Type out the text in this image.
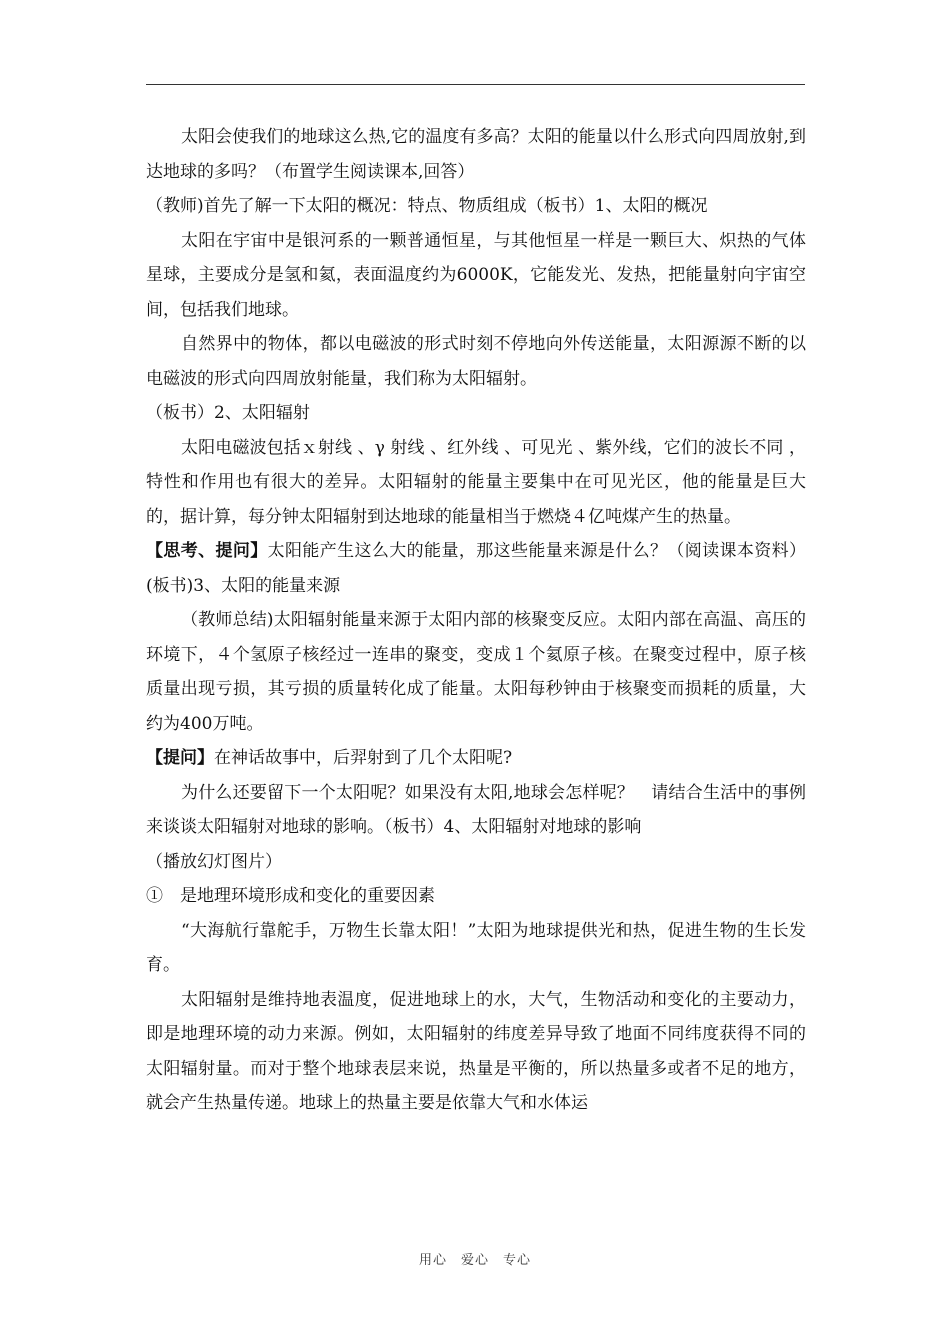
太阳会使我们的地球这么热,它的温度有多高？太阳的能量以什么形式向四周放射,到达地球的多吗？（布置学生阅读课本,回答）

（教师)首先了解一下太阳的概况：特点、物质组成（板书）1、太阳的概况

太阳在宇宙中是银河系的一颗普通恒星，与其他恒星一样是一颗巨大、炽热的气体星球，主要成分是氢和氦，表面温度约为6000K，它能发光、发热，把能量射向宇宙空间，包括我们地球。

自然界中的物体，都以电磁波的形式时刻不停地向外传送能量，太阳源源不断的以电磁波的形式向四周放射能量，我们称为太阳辐射。

（板书）2、太阳辐射

太阳电磁波包括ｘ射线 、γ 射线 、红外线 、可见光 、紫外线，它们的波长不同 ，特性和作用也有很大的差异。太阳辐射的能量主要集中在可见光区，他的能量是巨大的，据计算，每分钟太阳辐射到达地球的能量相当于燃烧４亿吨煤产生的热量。

【思考、提问】太阳能产生这么大的能量，那这些能量来源是什么？（阅读课本资料）(板书)3、太阳的能量来源

（教师总结)太阳辐射能量来源于太阳内部的核聚变反应。太阳内部在高温、高压的环境下，４个氢原子核经过一连串的聚变，变成１个氦原子核。在聚变过程中，原子核质量出现亏损，其亏损的质量转化成了能量。太阳每秒钟由于核聚变而损耗的质量，大约为400万吨。

【提问】在神话故事中，后羿射到了几个太阳呢?

为什么还要留下一个太阳呢？如果没有太阳,地球会怎样呢？　请结合生活中的事例来谈谈太阳辐射对地球的影响。（板书）4、太阳辐射对地球的影响

（播放幻灯图片）

①　是地理环境形成和变化的重要因素

“大海航行靠舵手，万物生长靠太阳！”太阳为地球提供光和热，促进生物的生长发育。

太阳辐射是维持地表温度，促进地球上的水，大气，生物活动和变化的主要动力，即是地理环境的动力来源。例如，太阳辐射的纬度差异导致了地面不同纬度获得不同的太阳辐射量。而对于整个地球表层来说，热量是平衡的，所以热量多或者不足的地方，就会产生热量传递。地球上的热量主要是依靠大气和水体运

用心　爱心　专心
